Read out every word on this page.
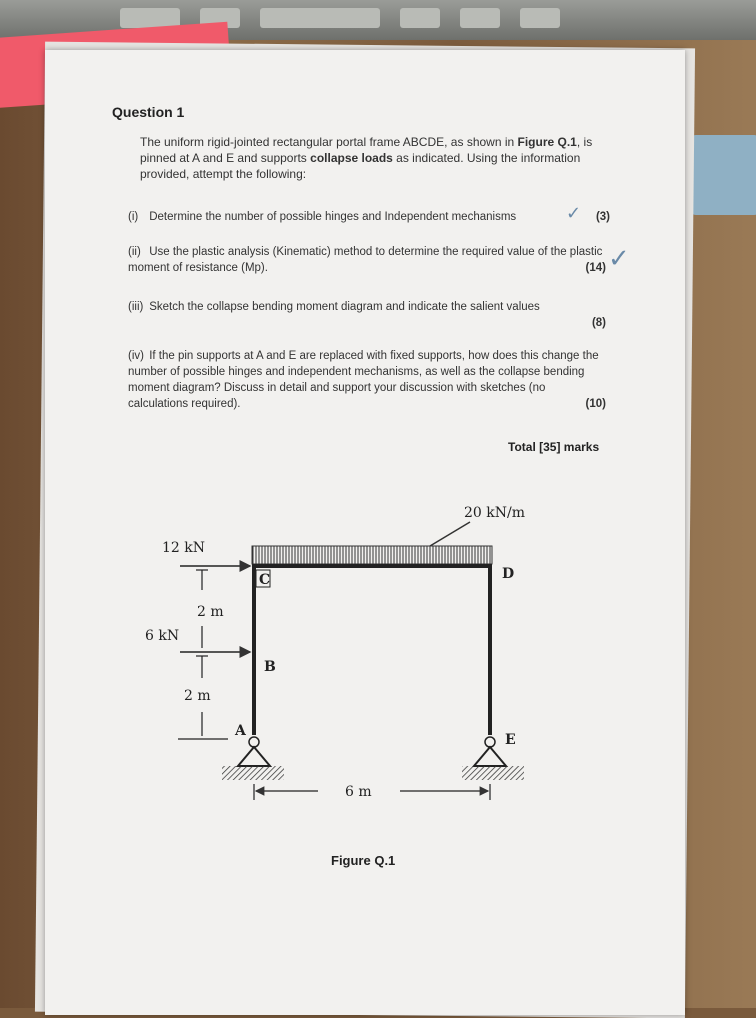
Question 1
The uniform rigid-jointed rectangular portal frame ABCDE, as shown in Figure Q.1, is pinned at A and E and supports collapse loads as indicated. Using the information provided, attempt the following:
(i) Determine the number of possible hinges and Independent mechanisms	(3)
✓
(ii) Use the plastic analysis (Kinematic) method to determine the required value of the plastic moment of resistance (Mp).	(14) ✓
(iii) Sketch the collapse bending moment diagram and indicate the salient values
(8)
(iv) If the pin supports at A and E are replaced with fixed supports, how does this change the number of possible hinges and independent mechanisms, as well as the collapse bending moment diagram? Discuss in detail and support your discussion with sketches (no calculations required).	(10)
Total [35] marks
20 kN/m
12 kN
6 kN
2 m
2 m
C	D
B
A
E
6 m
Figure Q.1
